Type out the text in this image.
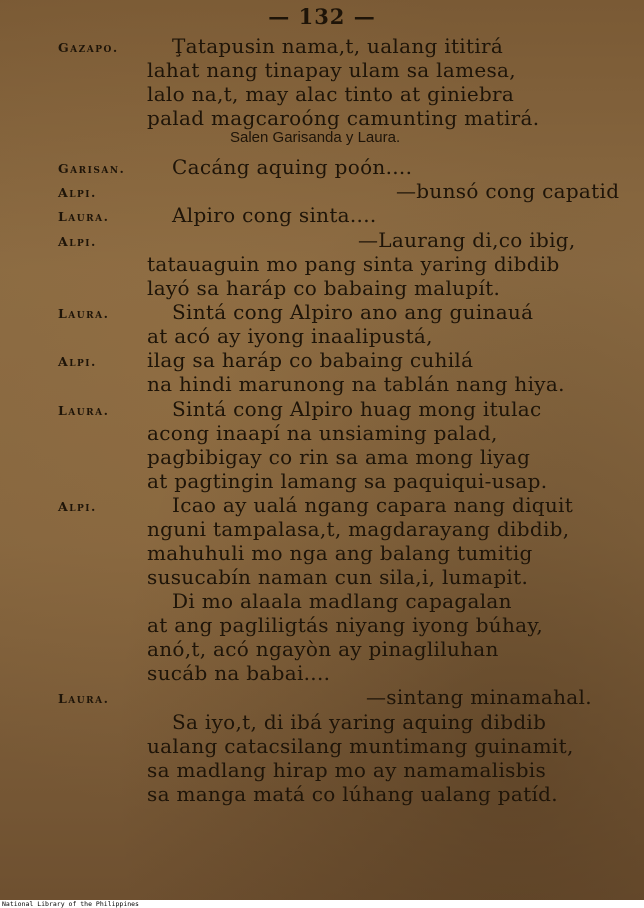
— 132 —
Salen Garisanda y Laura.
Gazapo.	Ţatapusin nama,t, ualang ititirá
lahat nang tinapay ulam sa lamesa,
lalo na,t, may alac tinto at giniebra
palad magcaroóng camunting matirá.
Garisan. Cacáng aquing poón....
Alpi.	—bunsó cong capatid
Laura.	Alpiro cong sinta....
Alpi.	—Laurang di,co ibig,
tatauaguin mo pang sinta yaring dibdib
layó sa haráp co babaing malupít.
Laura.	Sintá cong Alpiro ano ang guinauá
at acó ay iyong inaalipustá,
Alpi.	ilag sa haráp co babaing cuhilá
na hindi marunong na tablán nang hiya.
Laura.	Sintá cong Alpiro huag mong itulac
acong inaapí na unsiaming palad,
pagbibigay co rin sa ama mong liyag
at pagtingin lamang sa paquiqui-usap.
Alpi.	Icao ay ualá ngang capara nang diquit
nguni tampalasa,t, magdarayang dibdib,
mahuhuli mo nga ang balang tumitig
susucabín naman cun sila,i, lumapit.
Di mo alaala madlang capagalan
at ang pagliligtás niyang iyong búhay,
anó,t, acó ngayòn ay pinagliluhan
sucáb na babai....
Laura.	—sintang minamahal.
Sa iyo,t, di ibá yaring aquing dibdib
ualang catacsilang muntimang guinamit,
sa madlang hirap mo ay namamalisbis
sa manga matá co lúhang ualang patíd.
National Library of the Philippines
